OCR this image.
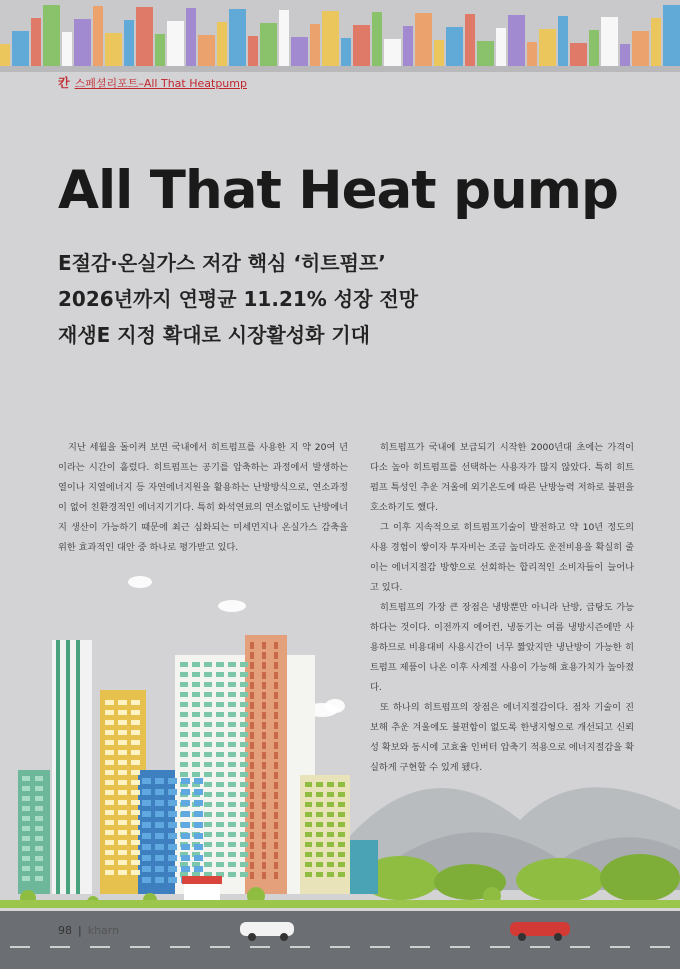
칸 스페셜리포트–All That Heatpump
All That Heat pump
E절감·온실가스 저감 핵심 ‘히트펌프’
2026년까지 연평균 11.21% 성장 전망
재생E 지정 확대로 시장활성화 기대

지난 세월을 돌이켜 보면 국내에서 히트펌프를 사용한 지 약 20여 년이라는 시간이 흘렀다. 히트펌프는 공기를 압축하는 과정에서 발생하는 열이나 지열에너지 등 자연에너지원을 활용하는 난방방식으로, 연소과정이 없어 친환경적인 에너지기기다. 특히 화석연료의 연소없이도 난방에너지 생산이 가능하기 때문에 최근 심화되는 미세먼지나 온실가스 감축을 위한 효과적인 대안 중 하나로 평가받고 있다.

히트펌프가 국내에 보급되기 시작한 2000년대 초에는 가격이 다소 높아 히트펌프를 선택하는 사용자가 많지 않았다. 특히 히트펌프 특성인 추운 겨울에 외기온도에 따른 난방능력 저하로 불편을 호소하기도 했다.

그 이후 지속적으로 히트펌프기술이 발전하고 약 10년 정도의 사용 경험이 쌓이자 투자비는 조금 높더라도 운전비용을 확실히 줄이는 에너지절감 방향으로 선회하는 합리적인 소비자들이 늘어나고 있다.

히트펌프의 가장 큰 장점은 냉방뿐만 아니라 난방, 급탕도 가능하다는 것이다. 이전까지 에어컨, 냉동기는 여름 냉방시즌에만 사용하므로 비용대비 사용시간이 너무 짧았지만 냉난방이 가능한 히트펌프 제품이 나온 이후 사계절 사용이 가능해 효용가치가 높아졌다.

또 하나의 히트펌프의 장점은 에너지절감이다. 점차 기술이 진보해 추운 겨울에도 불편함이 없도록 한냉지형으로 개선되고 신뢰성 확보와 동시에 고효율 인버터 압축기 적용으로 에너지절감을 확실하게 구현할 수 있게 됐다.

98 | kharn
